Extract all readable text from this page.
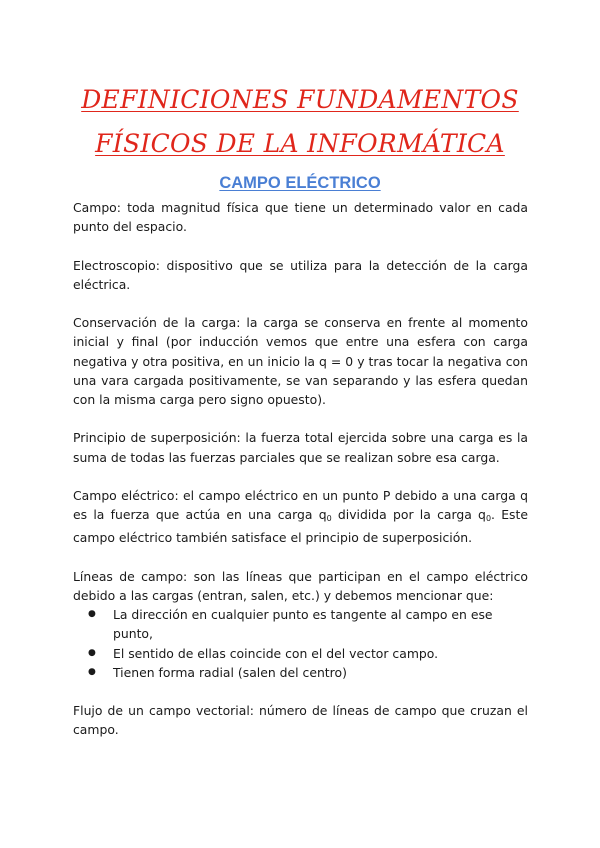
DEFINICIONES FUNDAMENTOS FÍSICOS DE LA INFORMÁTICA
CAMPO ELÉCTRICO

Campo: toda magnitud física que tiene un determinado valor en cada punto del espacio.

Electroscopio: dispositivo que se utiliza para la detección de la carga eléctrica.

Conservación de la carga: la carga se conserva en frente al momento inicial y final (por inducción vemos que entre una esfera con carga negativa y otra positiva, en un inicio la q = 0 y tras tocar la negativa con una vara cargada positivamente, se van separando y las esfera quedan con la misma carga pero signo opuesto).

Principio de superposición: la fuerza total ejercida sobre una carga es la suma de todas las fuerzas parciales que se realizan sobre esa carga.

Campo eléctrico: el campo eléctrico en un punto P debido a una carga q es la fuerza que actúa en una carga $q_0$ dividida por la carga $q_0$. Este campo eléctrico también satisface el principio de superposición.

Líneas de campo: son las líneas que participan en el campo eléctrico debido a las cargas (entran, salen, etc.) y debemos mencionar que:

● La dirección en cualquier punto es tangente al campo en ese punto,
● El sentido de ellas coincide con el del vector campo.
● Tienen forma radial (salen del centro)

Flujo de un campo vectorial: número de líneas de campo que cruzan el campo.
